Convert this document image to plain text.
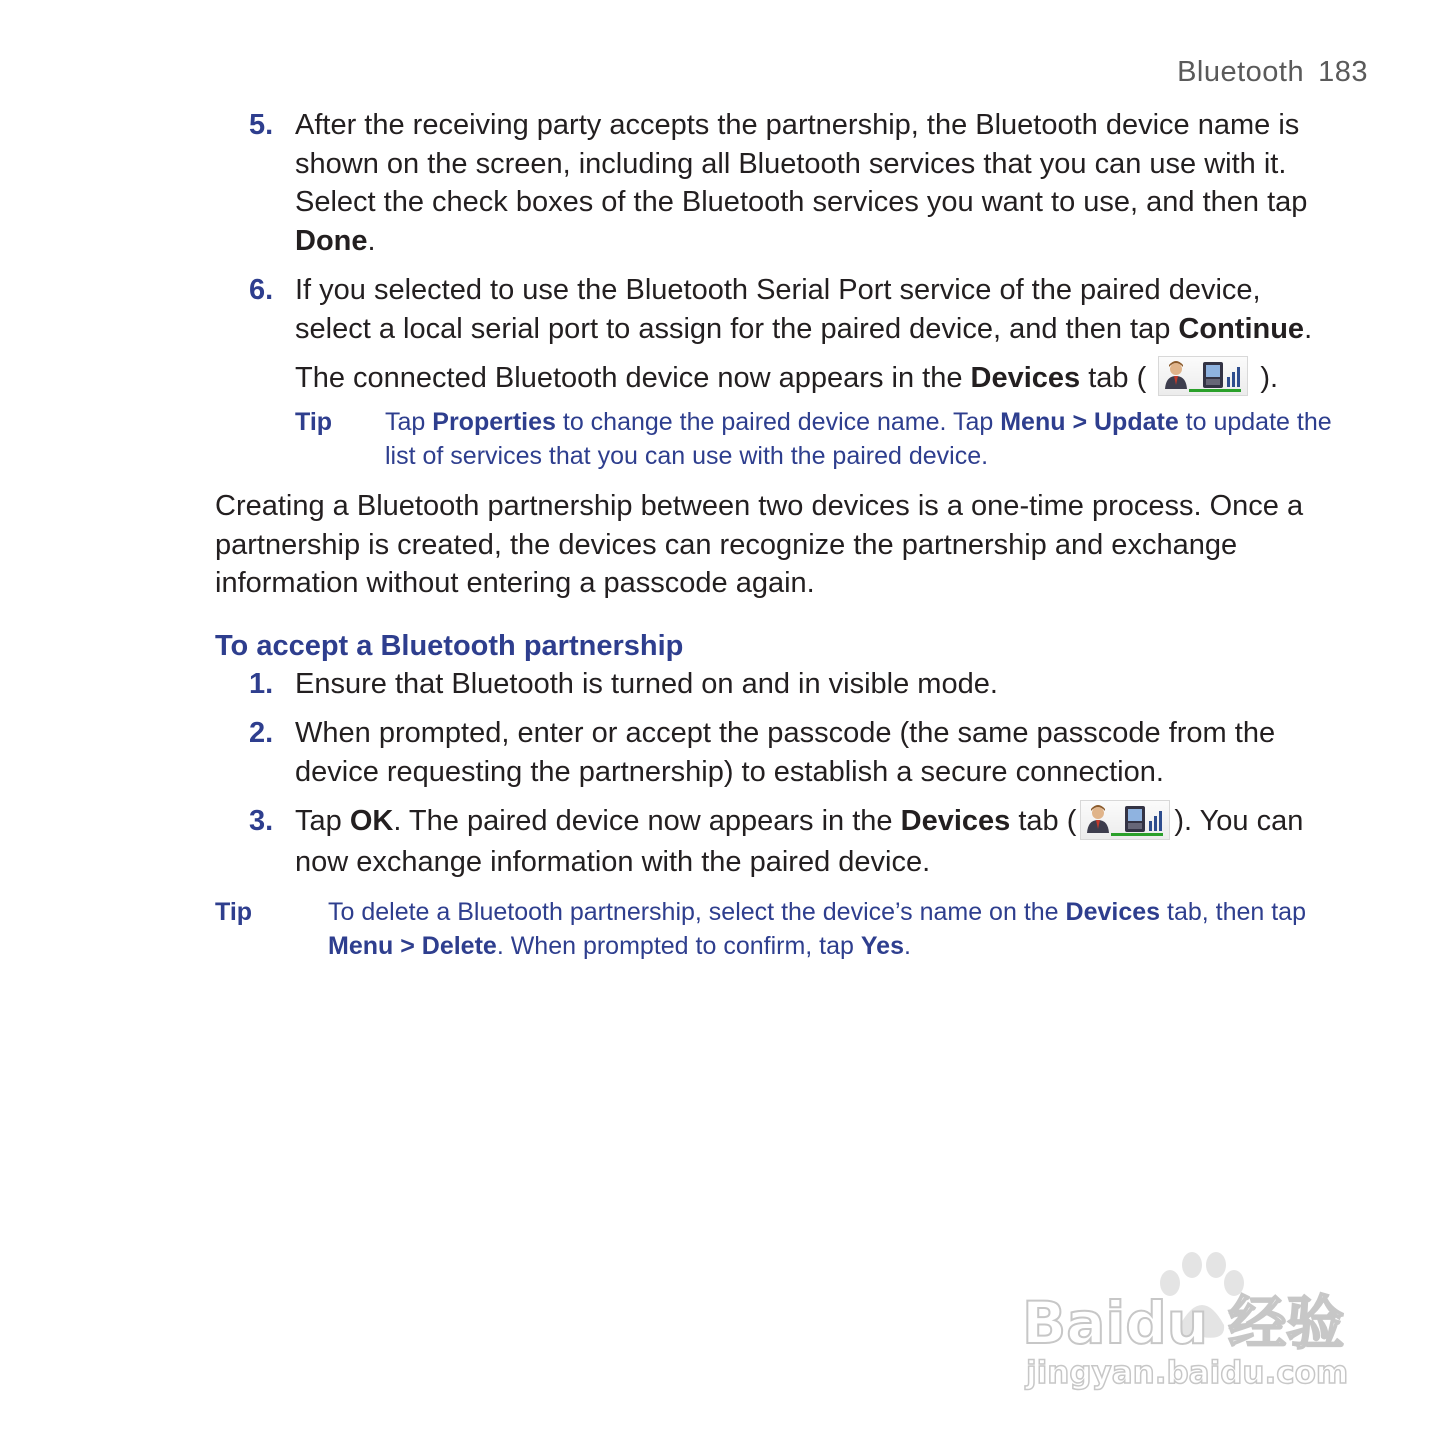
Bluetooth 183
5. After the receiving party accepts the partnership, the Bluetooth device name is shown on the screen, including all Bluetooth services that you can use with it. Select the check boxes of the Bluetooth services you want to use, and then tap Done.
6. If you selected to use the Bluetooth Serial Port service of the paired device, select a local serial port to assign for the paired device, and then tap Continue.

The connected Bluetooth device now appears in the Devices tab (	).

Tip	Tap Properties to change the paired device name. Tap Menu > Update to update the list of services that you can use with the paired device.

Creating a Bluetooth partnership between two devices is a one-time process. Once a partnership is created, the devices can recognize the partnership and exchange information without entering a passcode again.

To accept a Bluetooth partnership
1. Ensure that Bluetooth is turned on and in visible mode.
2. When prompted, enter or accept the passcode (the same passcode from the device requesting the partnership) to establish a secure connection.
3. Tap OK. The paired device now appears in the Devices tab (	). You can now exchange information with the paired device.
Tip	To delete a Bluetooth partnership, select the device’s name on the Devices tab, then tap Menu > Delete. When prompted to confirm, tap Yes.
Baidu 经验
jingyan.baidu.com
